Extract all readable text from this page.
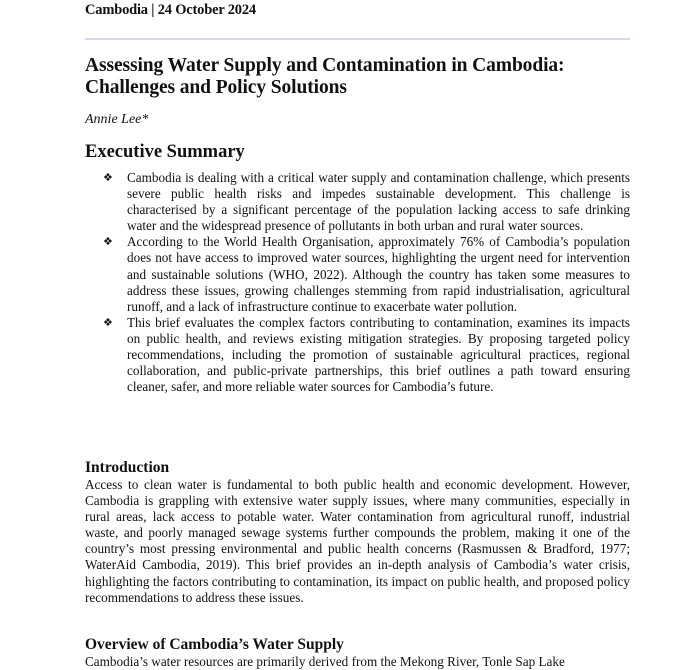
Cambodia | 24 October 2024
Assessing Water Supply and Contamination in Cambodia: Challenges and Policy Solutions
Annie Lee*
Executive Summary
❖ Cambodia is dealing with a critical water supply and contamination challenge, which presents severe public health risks and impedes sustainable development. This challenge is characterised by a significant percentage of the population lacking access to safe drinking water and the widespread presence of pollutants in both urban and rural water sources.
❖ According to the World Health Organisation, approximately 76% of Cambodia’s population does not have access to improved water sources, highlighting the urgent need for intervention and sustainable solutions (WHO, 2022). Although the country has taken some measures to address these issues, growing challenges stemming from rapid industrialisation, agricultural runoff, and a lack of infrastructure continue to exacerbate water pollution.
❖ This brief evaluates the complex factors contributing to contamination, examines its impacts on public health, and reviews existing mitigation strategies. By proposing targeted policy recommendations, including the promotion of sustainable agricultural practices, regional collaboration, and public-private partnerships, this brief outlines a path toward ensuring cleaner, safer, and more reliable water sources for Cambodia’s future.
Introduction

Access to clean water is fundamental to both public health and economic development. However, Cambodia is grappling with extensive water supply issues, where many communities, especially in rural areas, lack access to potable water. Water contamination from agricultural runoff, industrial waste, and poorly managed sewage systems further compounds the problem, making it one of the country’s most pressing environmental and public health concerns (Rasmussen & Bradford, 1977; WaterAid Cambodia, 2019). This brief provides an in-depth analysis of Cambodia’s water crisis, highlighting the factors contributing to contamination, its impact on public health, and proposed policy recommendations to address these issues.

Overview of Cambodia’s Water Supply

Cambodia’s water resources are primarily derived from the Mekong River, Tonle Sap Lake
